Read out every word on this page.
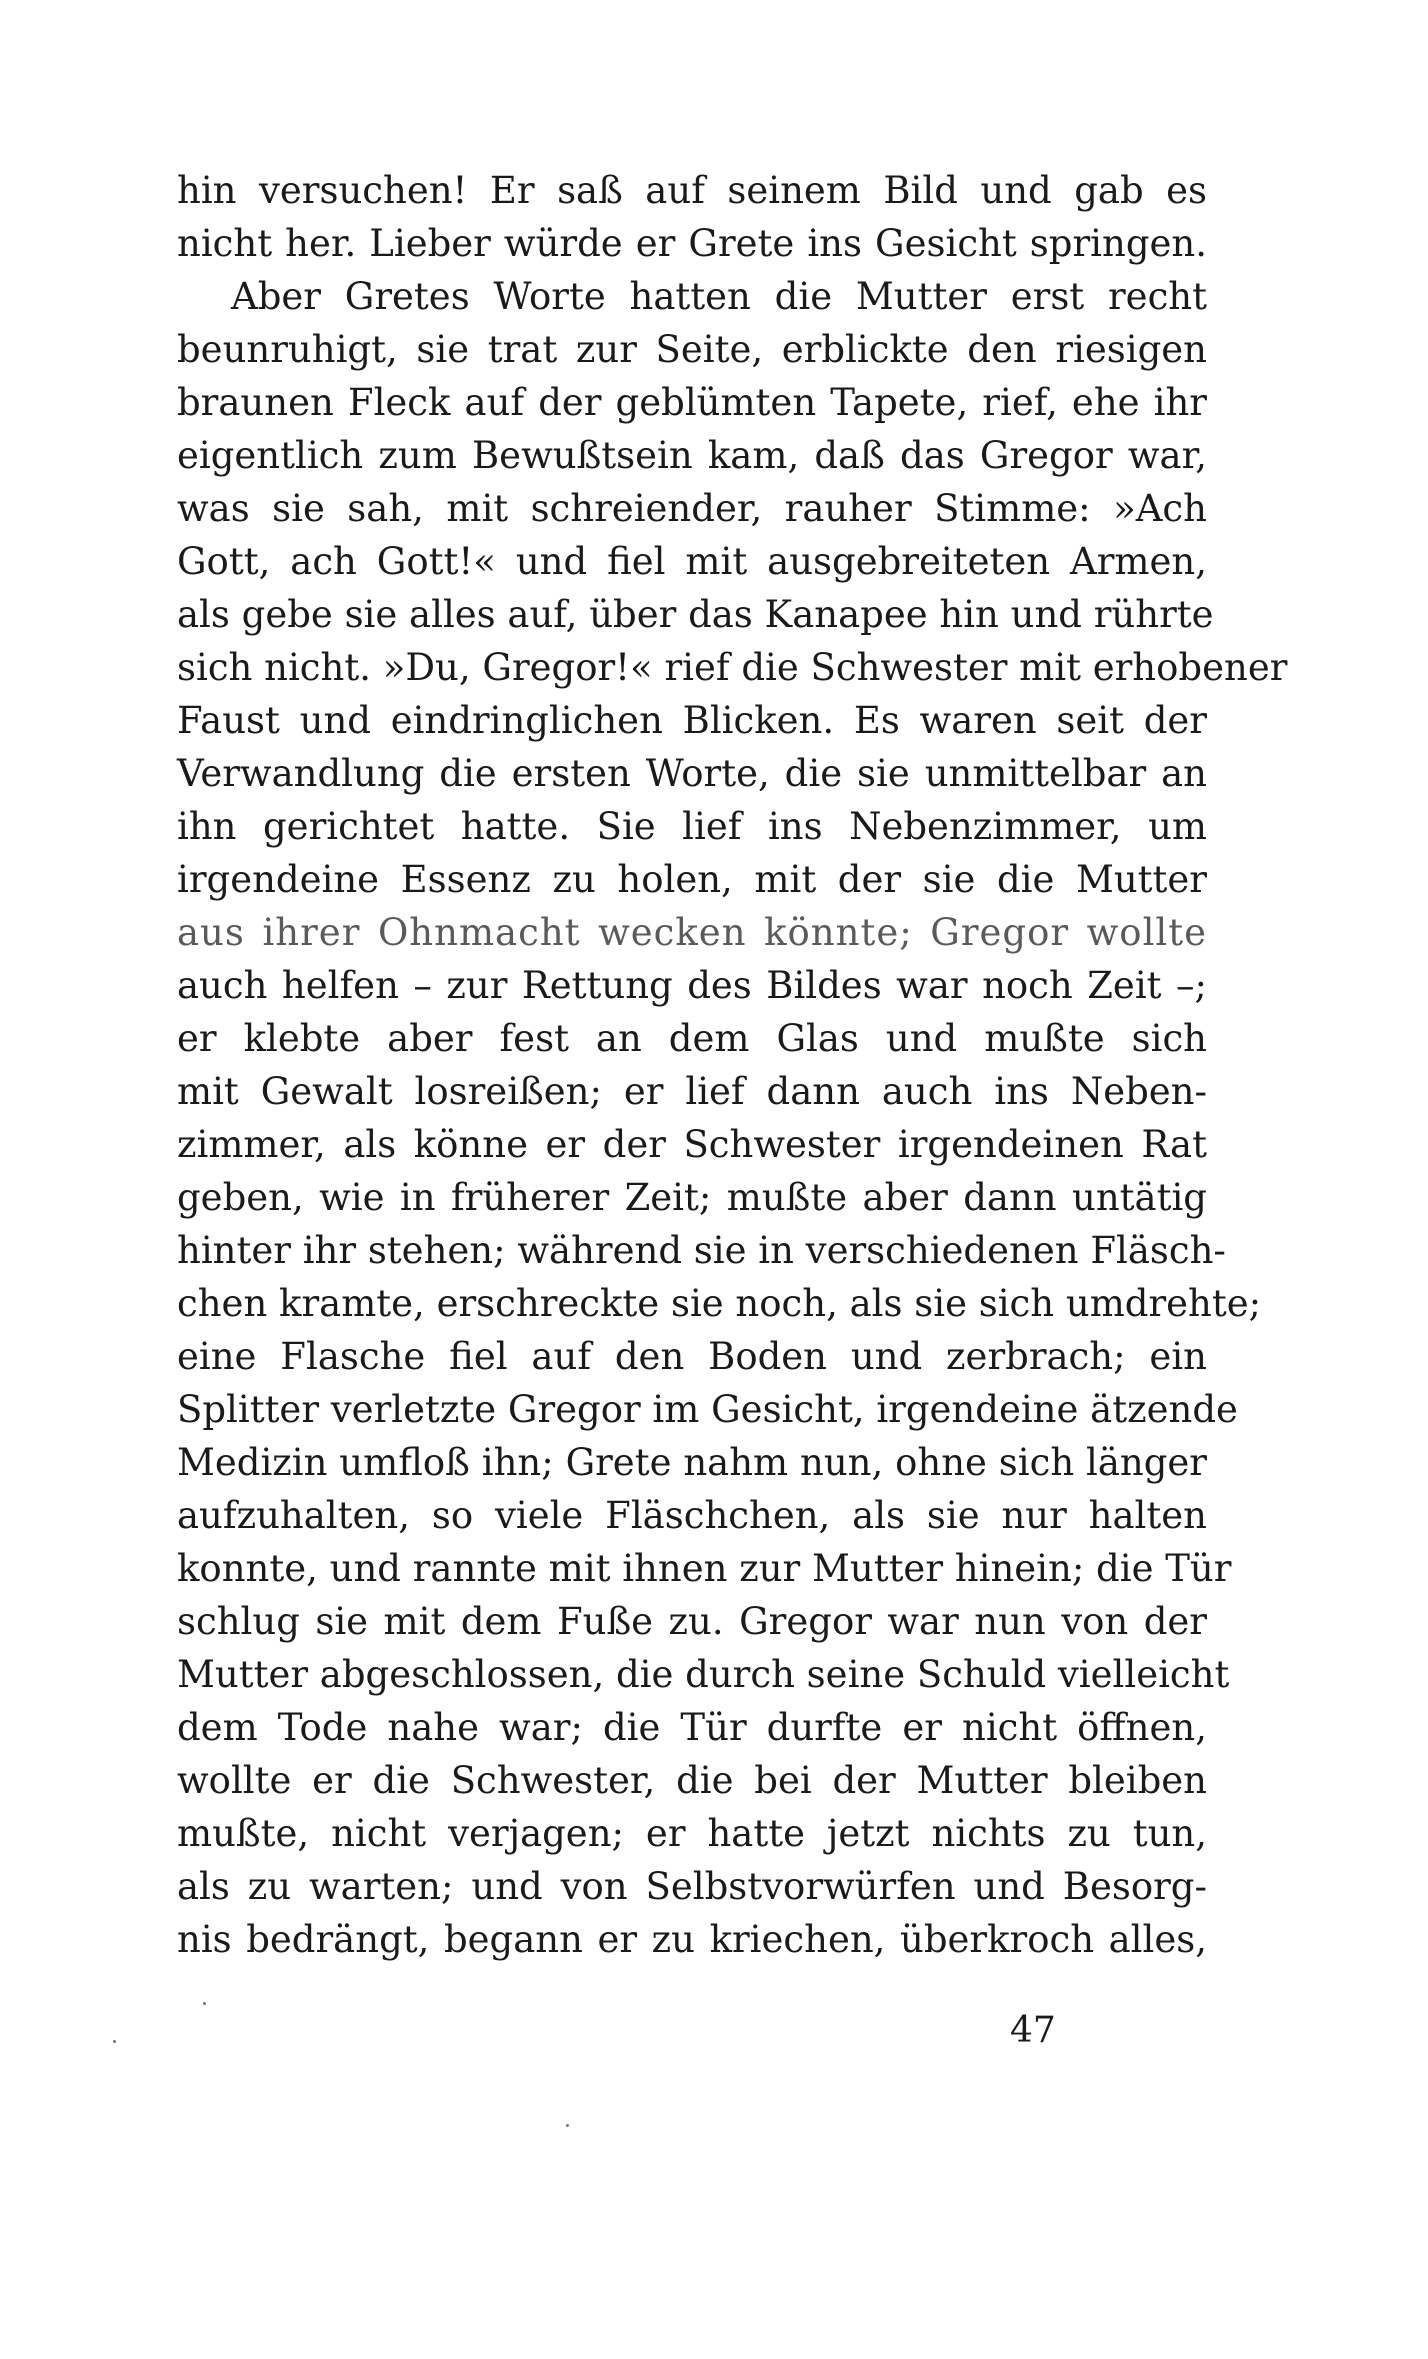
hin versuchen! Er saß auf seinem Bild und gab es
nicht her. Lieber würde er Grete ins Gesicht springen.
Aber Gretes Worte hatten die Mutter erst recht
beunruhigt, sie trat zur Seite, erblickte den riesigen
braunen Fleck auf der geblümten Tapete, rief, ehe ihr
eigentlich zum Bewußtsein kam, daß das Gregor war,
was sie sah, mit schreiender, rauher Stimme: »Ach
Gott, ach Gott!« und fiel mit ausgebreiteten Armen,
als gebe sie alles auf, über das Kanapee hin und rührte
sich nicht. »Du, Gregor!« rief die Schwester mit erhobener
Faust und eindringlichen Blicken. Es waren seit der
Verwandlung die ersten Worte, die sie unmittelbar an
ihn gerichtet hatte. Sie lief ins Nebenzimmer, um
irgendeine Essenz zu holen, mit der sie die Mutter
aus ihrer Ohnmacht wecken könnte; Gregor wollte
auch helfen – zur Rettung des Bildes war noch Zeit –;
er klebte aber fest an dem Glas und mußte sich
mit Gewalt losreißen; er lief dann auch ins Neben-
zimmer, als könne er der Schwester irgendeinen Rat
geben, wie in früherer Zeit; mußte aber dann untätig
hinter ihr stehen; während sie in verschiedenen Fläsch-
chen kramte, erschreckte sie noch, als sie sich umdrehte;
eine Flasche fiel auf den Boden und zerbrach; ein
Splitter verletzte Gregor im Gesicht, irgendeine ätzende
Medizin umfloß ihn; Grete nahm nun, ohne sich länger
aufzuhalten, so viele Fläschchen, als sie nur halten
konnte, und rannte mit ihnen zur Mutter hinein; die Tür
schlug sie mit dem Fuße zu. Gregor war nun von der
Mutter abgeschlossen, die durch seine Schuld vielleicht
dem Tode nahe war; die Tür durfte er nicht öffnen,
wollte er die Schwester, die bei der Mutter bleiben
mußte, nicht verjagen; er hatte jetzt nichts zu tun,
als zu warten; und von Selbstvorwürfen und Besorg-
nis bedrängt, begann er zu kriechen, überkroch alles,
47
